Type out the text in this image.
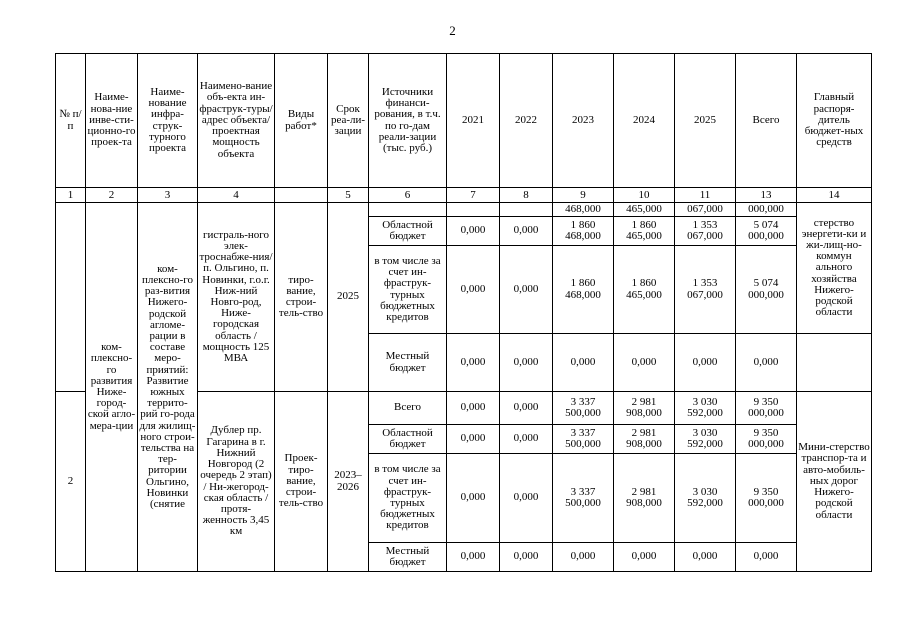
2
№ п/п	Наиме-нова-ние инве-сти-ционно-го проек-та	Наиме-нование инфра-струк-турного проекта	Наимено-вание объ-екта ин-фраструк-туры/ адрес объекта/ проектная мощность объекта	Виды работ*	Срок реа-ли-зации	Источники финанси-рования, в т.ч. по го-дам реали-зации (тыс. руб.)	2021	2022	2023	2024	2025	Всего	Главный распоря-дитель бюджет-ных средств
1	2	3	4		5	6	7	8	9	10	11	13	14
	ком-плексно-го развития Ниже-город-ской агло-мера-ции	ком-плексно-го раз-вития Нижего-родской агломе-рации в составе меро-приятий: Развитие южных террито-рий го-рода для жилищ-ного строи-тельства на тер-ритории Ольгино, Новинки (снятие	гистраль-ного элек-троснабже-ния/ п. Ольгино, п. Новинки, г.о.г. Ниж-ний Новго-род, Ниже-городская область / мощность 125 МВА	тиро-вание, строи-тель-ство	2025				468,000	465,000	067,000	000,000	стерство энергети-ки и жи-лищ-но-коммун ального хозяйства Нижего-родской области
						Областной бюджет	0,000	0,000	1 860 468,000	1 860 465,000	1 353 067,000	5 074 000,000	
						в том числе за счет ин-фраструк-турных бюджетных кредитов	0,000	0,000	1 860 468,000	1 860 465,000	1 353 067,000	5 074 000,000	
						Местный бюджет	0,000	0,000	0,000	0,000	0,000	0,000	
2			Дублер пр. Гагарина в г. Нижний Новгород (2 очередь 2 этап) / Ни-жегород-ская область / протя-женность 3,45 км	Проек-тиро-вание, строи-тель-ство	2023–2026	Всего	0,000	0,000	3 337 500,000	2 981 908,000	3 030 592,000	9 350 000,000	Мини-стерство транспор-та и авто-мобиль-ных дорог Нижего-родской области
						Областной бюджет	0,000	0,000	3 337 500,000	2 981 908,000	3 030 592,000	9 350 000,000	
						в том числе за счет ин-фраструк-турных бюджетных кредитов	0,000	0,000	3 337 500,000	2 981 908,000	3 030 592,000	9 350 000,000	
						Местный бюджет	0,000	0,000	0,000	0,000	0,000	0,000	
